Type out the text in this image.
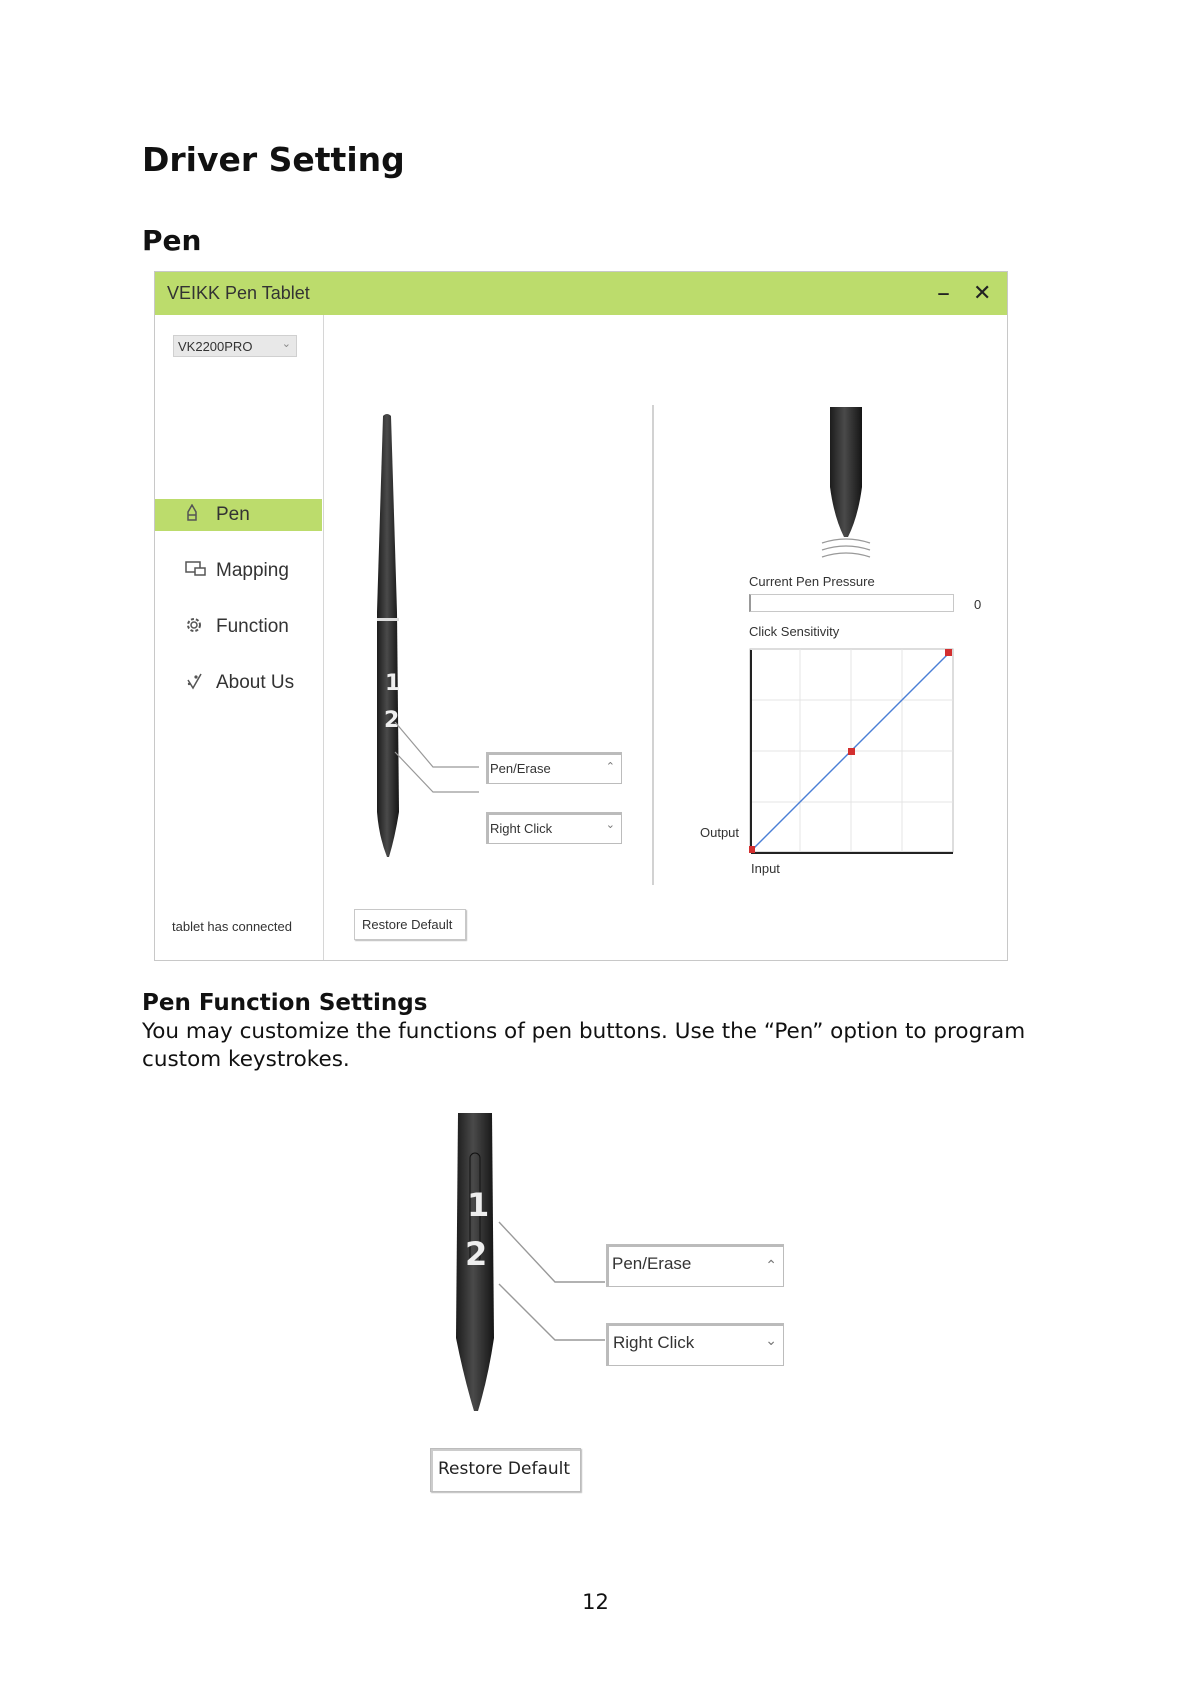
Driver Setting
Pen
VEIKK Pen Tablet	– ✕
VK2200PRO	⌄
Pen
Mapping
Function
About Us
tablet has connected
1
2
Pen/Erase	⌃
Right Click	⌄
Restore Default
Current Pen Pressure
0
Click Sensitivity
Output
Input
Pen Function Settings

You may customize the functions of pen buttons. Use the “Pen” option to program custom keystrokes.

1
2	Pen/Erase	⌃
Right Click	⌄
Restore Default
12
